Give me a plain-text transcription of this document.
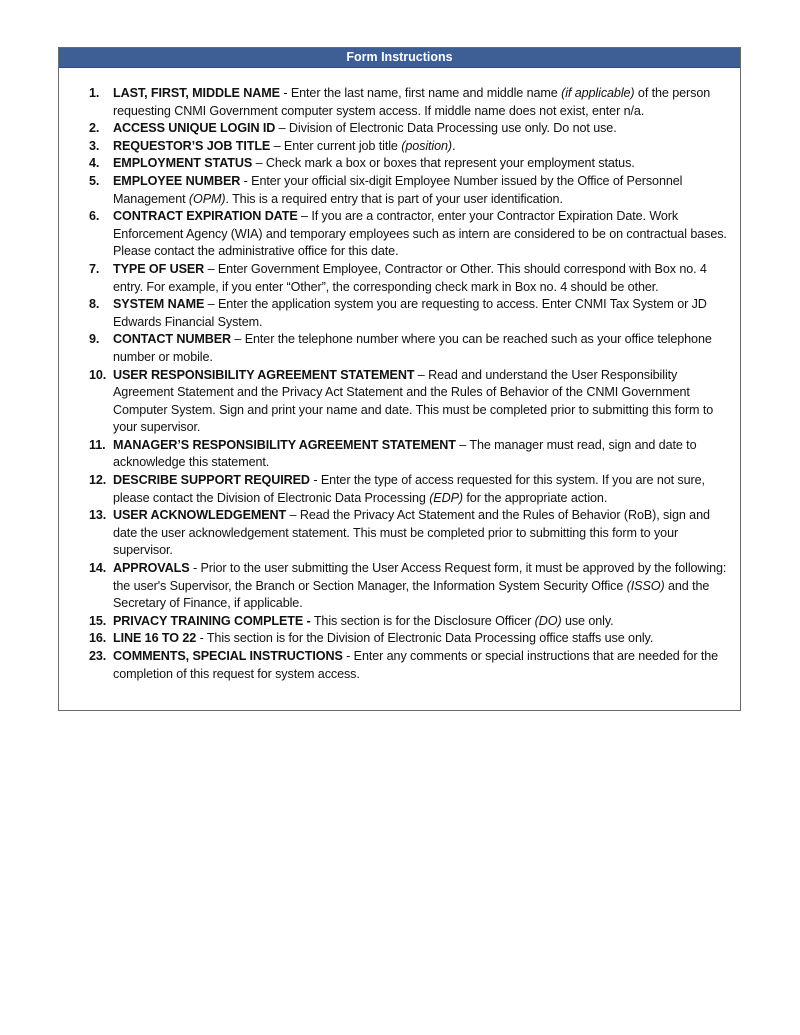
Form Instructions
1. LAST, FIRST, MIDDLE NAME - Enter the last name, first name and middle name (if applicable) of the person requesting CNMI Government computer system access. If middle name does not exist, enter n/a.
2. ACCESS UNIQUE LOGIN ID – Division of Electronic Data Processing use only. Do not use.
3. REQUESTOR’S JOB TITLE – Enter current job title (position).
4. EMPLOYMENT STATUS – Check mark a box or boxes that represent your employment status.
5. EMPLOYEE NUMBER - Enter your official six-digit Employee Number issued by the Office of Personnel Management (OPM). This is a required entry that is part of your user identification.
6. CONTRACT EXPIRATION DATE – If you are a contractor, enter your Contractor Expiration Date. Work Enforcement Agency (WIA) and temporary employees such as intern are considered to be on contractual bases. Please contact the administrative office for this date.
7. TYPE OF USER – Enter Government Employee, Contractor or Other. This should correspond with Box no. 4 entry. For example, if you enter “Other”, the corresponding check mark in Box no. 4 should be other.
8. SYSTEM NAME – Enter the application system you are requesting to access. Enter CNMI Tax System or JD Edwards Financial System.
9. CONTACT NUMBER – Enter the telephone number where you can be reached such as your office telephone number or mobile.
10. USER RESPONSIBILITY AGREEMENT STATEMENT – Read and understand the User Responsibility Agreement Statement and the Privacy Act Statement and the Rules of Behavior of the CNMI Government Computer System. Sign and print your name and date. This must be completed prior to submitting this form to your supervisor.
11. MANAGER’S RESPONSIBILITY AGREEMENT STATEMENT – The manager must read, sign and date to acknowledge this statement.
12. DESCRIBE SUPPORT REQUIRED - Enter the type of access requested for this system. If you are not sure, please contact the Division of Electronic Data Processing (EDP) for the appropriate action.
13. USER ACKNOWLEDGEMENT – Read the Privacy Act Statement and the Rules of Behavior (RoB), sign and date the user acknowledgement statement. This must be completed prior to submitting this form to your supervisor.
14. APPROVALS - Prior to the user submitting the User Access Request form, it must be approved by the following: the user's Supervisor, the Branch or Section Manager, the Information System Security Office (ISSO) and the Secretary of Finance, if applicable.
15. PRIVACY TRAINING COMPLETE - This section is for the Disclosure Officer (DO) use only.
16. LINE 16 TO 22 - This section is for the Division of Electronic Data Processing office staffs use only.
23. COMMENTS, SPECIAL INSTRUCTIONS - Enter any comments or special instructions that are needed for the completion of this request for system access.
